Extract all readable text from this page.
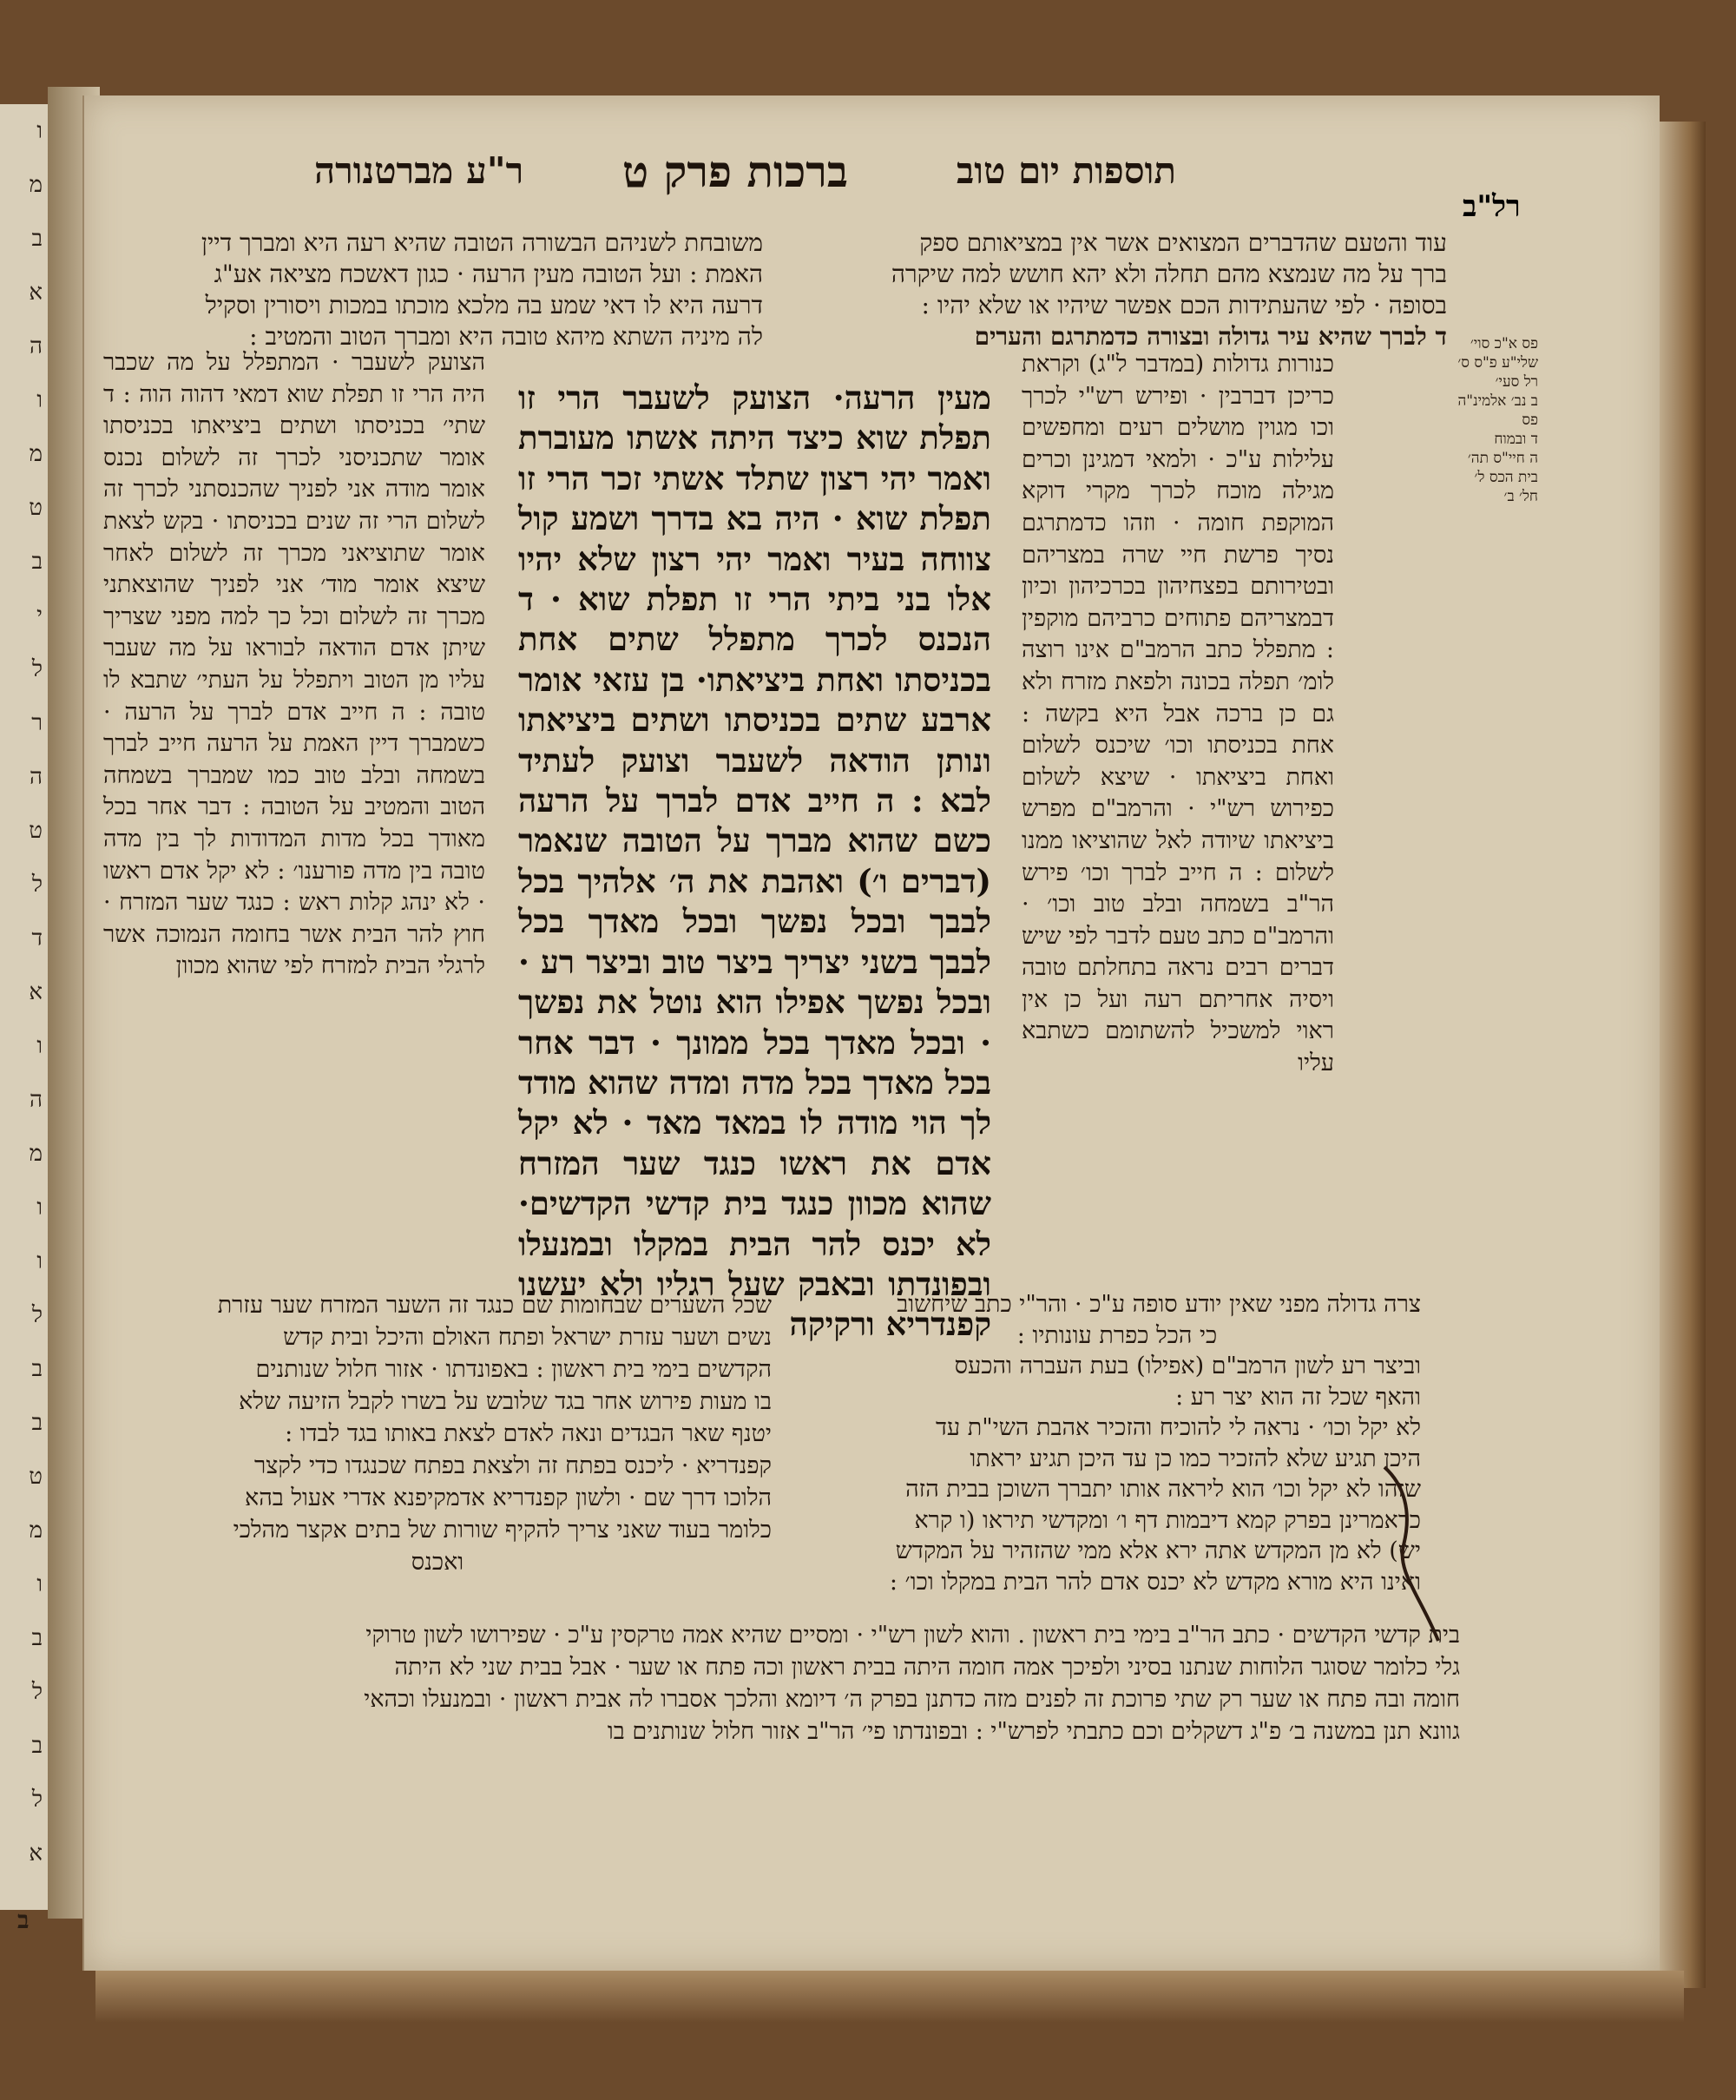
ו
מ
ב
א
ה
ו
מ
ט
ב
י
ל
ר
ה
ט
ל
ד
א
ו
ה
מ
ו
ו
ל
ב
ב
ט
מ
ו
ב
ל
ב
ל
א
תוספות יום טוב
ברכות פרק ט
ר"ע מברטנורה
רל"ב

עוד והטעם שהדברים המצואים אשר אין במציאותם ספק

ברך על מה שנמצא מהם תחלה ולא יהא חושש למה שיקרה

בסופה · לפי שהעתידות הכם אפשר שיהיו או שלא יהיו :

ד לברך שהיא עיר גדולה ובצורה כדמתרגם והערים

משובחת לשניהם הבשורה הטובה שהיא רעה היא ומברך דיין

האמת : ועל הטובה מעין הרעה · כגון דאשכח מציאה אע"ג

דרעה היא לו דאי שמע בה מלכא מוכתו במכות ויסורין וסקיל

לה מיניה השתא מיהא טובה היא ומברך הטוב והמטיב :

מעין הרעה· הצועק לשעבר הרי זו תפלת שוא כיצד היתה אשתו מעוברת ואמר יהי רצון שתלד אשתי זכר הרי זו תפלת שוא · היה בא בדרך ושמע קול צווחה בעיר ואמר יהי רצון שלא יהיו אלו בני ביתי הרי זו תפלת שוא · ד הנכנס לכרך מתפלל שתים אחת בכניסתו ואחת ביציאתו· בן עזאי אומר ארבע שתים בכניסתו ושתים ביציאתו ונותן הודאה לשעבר וצועק לעתיד לבא : ה חייב אדם לברך על הרעה כשם שהוא מברך על הטובה שנאמר (דברים ו׳) ואהבת את ה׳ אלהיך בכל לבבך ובכל נפשך ובכל מאדך בכל לבבך בשני יצריך ביצר טוב וביצר רע · ובכל נפשך אפילו הוא נוטל את נפשך · ובכל מאדך בכל ממונך · דבר אחר בכל מאדך בכל מדה ומדה שהוא מודד לך הוי מודה לו במאד מאד · לא יקל אדם את ראשו כנגד שער המזרח שהוא מכוון כנגד בית קדשי הקדשים· לא יכנס להר הבית במקלו ובמנעלו ובפונדתו ובאבק שעל רגליו ולא יעשנו קפנדריא ורקיקה
הצועק לשעבר · המתפלל על מה שכבר היה הרי זו תפלת שוא דמאי דהוה הוה : ד שתי׳ בכניסתו ושתים ביציאתו בכניסתו אומר שתכניסני לכרך זה לשלום נכנס אומר מודה אני לפניך שהכנסתני לכרך זה לשלום הרי זה שנים בכניסתו · בקש לצאת אומר שתוציאני מכרך זה לשלום לאחר שיצא אומר מוד׳ אני לפניך שהוצאתני מכרך זה לשלום וכל כך למה מפני שצריך שיתן אדם הודאה לבוראו על מה שעבר עליו מן הטוב ויתפלל על העתי׳ שתבא לו טובה : ה חייב אדם לברך על הרעה · כשמברך דיין האמת על הרעה חייב לברך בשמחה ובלב טוב כמו שמברך בשמחה הטוב והמטיב על הטובה : דבר אחר בכל מאודך בכל מדות המדודות לך בין מדה טובה בין מדה פורענו׳ : לא יקל אדם ראשו · לא ינהג קלות ראש : כנגד שער המזרח · חוץ להר הבית אשר בחומה הנמוכה אשר לרגלי הבית למזרח לפי שהוא מכוון
כנורות גדולות (במדבר ל"ג) וקראת כריכן דברבין · ופירש רש"י לכרך וכו מגוין מושלים רעים ומחפשים עלילות ע"כ · ולמאי דמגינן וכרים מגילה מוכח לכרך מקרי דוקא המוקפת חומה · וזהו כדמתרגם נסיך פרשת חיי שרה במצריהם ובטירותם בפצחיהון בכרכיהון וכיון דבמצריהם פתוחים כרביהם מוקפין : מתפלל כתב הרמב"ם אינו רוצה לומ׳ תפלה בכונה ולפאת מזרח ולא גם כן ברכה אבל היא בקשה : אחת בכניסתו וכו׳ שיכנס לשלום ואחת ביציאתו · שיצא לשלום כפירוש רש"י · והרמב"ם מפרש ביציאתו שיודה לאל שהוציאו ממנו לשלום : ה חייב לברך וכו׳ פירש הר"ב בשמחה ובלב טוב וכו׳ · והרמב"ם כתב טעם לדבר לפי שיש דברים רבים נראה בתחלתם טובה ויסיה אחריתם רעה ועל כן אין ראוי למשכיל להשתומם כשתבא עליו

צרה גדולה מפני שאין יודע סופה ע"כ · והר"י כתב שיחשוב

כי הכל כפרת עונותיו :

וביצר רע לשון הרמב"ם (אפילו) בעת העברה והכעס

והאף שכל זה הוא יצר רע :

לא יקל וכו׳ · נראה לי להוכיח והזכיר אהבת השי"ת עד

היכן תגיע שלא להזכיר כמו כן עד היכן תגיע יראתו

שזהו לא יקל וכו׳ הוא ליראה אותו יתברך השוכן בבית הזה

כדאמרינן בפרק קמא דיבמות דף ו׳ ומקדשי תיראו (ו קרא

יש) לא מן המקדש אתה ירא אלא ממי שהזהיר על המקדש

ואינו היא מורא מקדש לא יכנס אדם להר הבית במקלו וכו׳ :

שכל השערים שבחומות שם כנגד זה השער המזרח שער עזרת

נשים ושער עזרת ישראל ופתח האולם והיכל ובית קדש

הקדשים בימי בית ראשון : באפונדתו · אזור חלול שנותנים

בו מעות פירוש אחר בגד שלובש על בשרו לקבל הזיעה שלא

יטנף שאר הבגדים ונאה לאדם לצאת באותו בגד לבדו :

קפנדריא · ליכנס בפתח זה ולצאת בפתח שכנגדו כדי לקצר

הלוכו דרך שם · ולשון קפנדריא אדמקיפנא אדרי אעול בהא

כלומר בעוד שאני צריך להקיף שורות של בתים אקצר מהלכי

ואכנס

בית קדשי הקדשים · כתב הר"ב בימי בית ראשון . והוא לשון רש"י · ומסיים שהיא אמה טרקסין ע"כ · שפירושו לשון טרוקי

גלי כלומר שסוגר הלוחות שנתנו בסיני ולפיכך אמה חומה היתה בבית ראשון וכה פתח או שער · אבל בבית שני לא היתה

חומה ובה פתח או שער רק שתי פרוכת זה לפנים מזה כדתנן בפרק ה׳ דיומא והלכך אסברו לה אבית ראשון · ובמנעלו וכהאי

גוונא תנן במשנה ב׳ פ"ג דשקלים וכם כתבתי לפרש"י : ובפונדתו פי׳ הר"ב אזור חלול שנותנים בו

פס א"כ סוי׳

שלי"ע פ"ס ס׳

רל סעי׳

ב נב׳ אלמינ"ה

פס

ד ובמוח

ה חיי"ס תה׳

בית הכס ל׳

חל׳ ב׳

ב
